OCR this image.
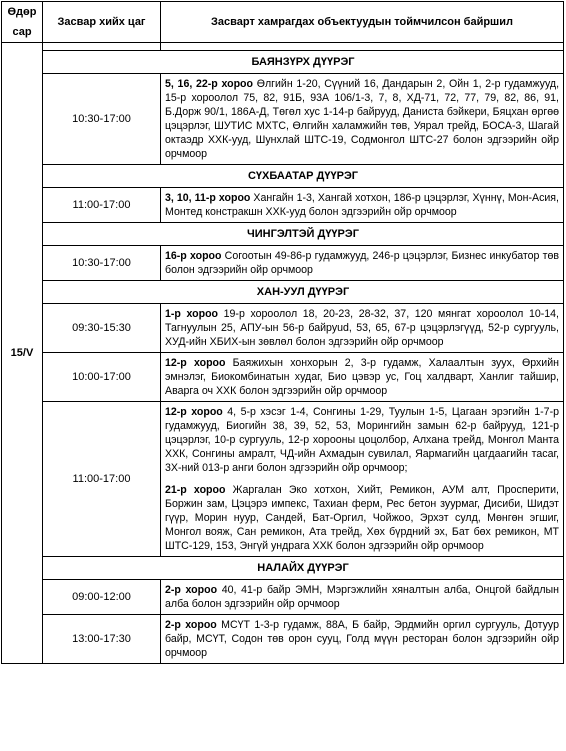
Өдөр
сар	Засвар хийх цаг	Засварт хамрагдах объектуудын тоймчилсон байршил
15/V		
	БАЯНЗҮРХ ДҮҮРЭГ	
	10:30-17:00	5, 16, 22-р хороо Өлгийн 1-20, Сүүний 16, Дандарын 2, Ойн 1, 2-р гудамжууд, 15-р хороолол 75, 82, 91Б, 93А 106/1-3, 7, 8, ХД-71, 72, 77, 79, 82, 86, 91, Б.Дорж 90/1, 186А-Д, Төгөл хус 1-14-р байрууд, Даниста бэйкери, Бяцхан өргөө цэцэрлэг, ШУТИС МХТС, Өлгийн халамжийн төв, Уярал трейд, БОСА-3, Шагай октаэдр ХХК-ууд, Шунхлай ШТС-19, Содмонгол ШТС-27 болон эдгээрийн ойр орчмоор

	СҮХБААТАР ДҮҮРЭГ	
	11:00-17:00	3, 10, 11-р хороо Хангайн 1-3, Хангай хотхон, 186-р цэцэрлэг, Хүннү, Мон-Асия, Монтед констракшн ХХК-ууд болон эдгээрийн ойр орчмоор

	ЧИНГЭЛТЭЙ ДҮҮРЭГ	
	10:30-17:00	16-р хороо Согоотын 49-86-р гудамжууд, 246-р цэцэрлэг, Бизнес инкубатор төв болон эдгээрийн ойр орчмоор

	ХАН-УУЛ ДҮҮРЭГ	
	09:30-15:30	1-р хороо 19-р хороолол 18, 20-23, 28-32, 37, 120 мянгат хороолол 10-14, Тагнуулын 25, АПУ-ын 56-р байруud, 53, 65, 67-р цэцэрлэгүүд, 52-р сургууль, ХУД-ийн ХБИХ-ын зөвлөл болон эдгээрийн ойр орчмоор

	10:00-17:00	12-р хороо Баяжихын хонхорын 2, 3-р гудамж, Халаалтын зуух, Өрхийн эмнэлэг, Биокомбинатын худаг, Био цэвэр ус, Гоц халдварт, Ханлиг тайшир, Аварга оч ХХК болон эдгээрийн ойр орчмоор

	11:00-17:00	12-р хороо 4, 5-р хэсэг 1-4, Сонгины 1-29, Туулын 1-5, Цагаан эрэгийн 1-7-р гудамжууд, Биогийн 38, 39, 52, 53, Морингийн замын 62-р байрууд, 121-р цэцэрлэг, 10-р сургууль, 12-р хорооны цоцолбор, Алхана трейд, Монгол Манта ХХК, Сонгины амралт, ЧД-ийн Ахмадын сувилал, Яармагийн цагдаагийн тасаг, 3Х-ний 013-р анги болон эдгээрийн ойр орчмоор;

21-р хороо Жаргалан Эко хотхон, Хийт, Ремикон, АУМ алт, Просперити, Боржин зам, Цэцэрэ импекс, Тахиан ферм, Рес бетон зуурмаг, Дисиби, Шидэт гүүр, Морин нуур, Сандей, Бат-Оргил, Чойжоо, Эрхэт сулд, Мөнгөн эгшиг, Монгол вояж, Сан ремикон, Ата трейд, Хөх бүрдний эх, Бат бөх ремикон, МТ ШТС-129, 153, Энгүй ундрага ХХК болон эдгээрийн ойр орчмоор

	НАЛАЙХ ДҮҮРЭГ	
	09:00-12:00	2-р хороо 40, 41-р байр ЭМН, Мэргэжлийн хяналтын алба, Онцгой байдлын алба болон эдгээрийн ойр орчмоор

	13:00-17:30	2-р хороо МСҮТ 1-3-р гудамж, 88А, Б байр, Эрдмийн оргил сургууль, Дотуур байр, МСҮТ, Содон төв орон сууц, Голд мүүн ресторан болон эдгээрийн ойр орчмоор
